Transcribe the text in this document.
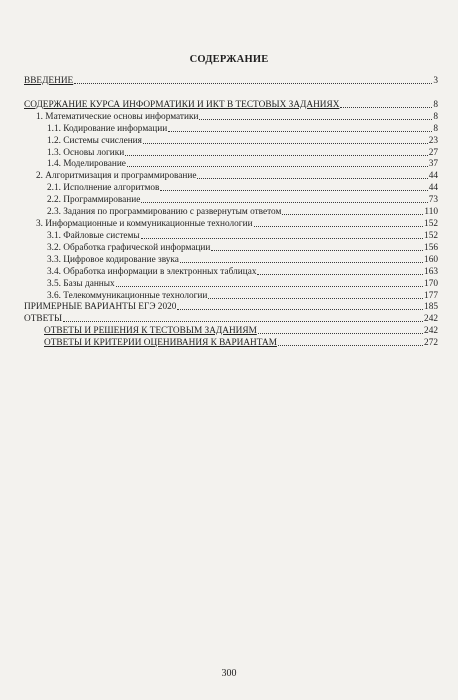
СОДЕРЖАНИЕ
ВВЕДЕНИЕ	3
СОДЕРЖАНИЕ КУРСА ИНФОРМАТИКИ И ИКТ В ТЕСТОВЫХ ЗАДАНИЯХ	8
1. Математические основы информатики	8
1.1. Кодирование информации	8
1.2. Системы счисления	23
1.3. Основы логики	27
1.4. Моделирование	37
2. Алгоритмизация и программирование	44
2.1. Исполнение алгоритмов	44
2.2. Программирование	73
2.3. Задания по программированию с развернутым ответом	110
3. Информационные и коммуникационные технологии	152
3.1. Файловые системы	152
3.2. Обработка графической информации	156
3.3. Цифровое кодирование звука	160
3.4. Обработка информации в электронных таблицах	163
3.5. Базы данных	170
3.6. Телекоммуникационные технологии	177
ПРИМЕРНЫЕ ВАРИАНТЫ ЕГЭ 2020	185
ОТВЕТЫ	242
ОТВЕТЫ И РЕШЕНИЯ К ТЕСТОВЫМ ЗАДАНИЯМ	242
ОТВЕТЫ И КРИТЕРИИ ОЦЕНИВАНИЯ К ВАРИАНТАМ	272
300
